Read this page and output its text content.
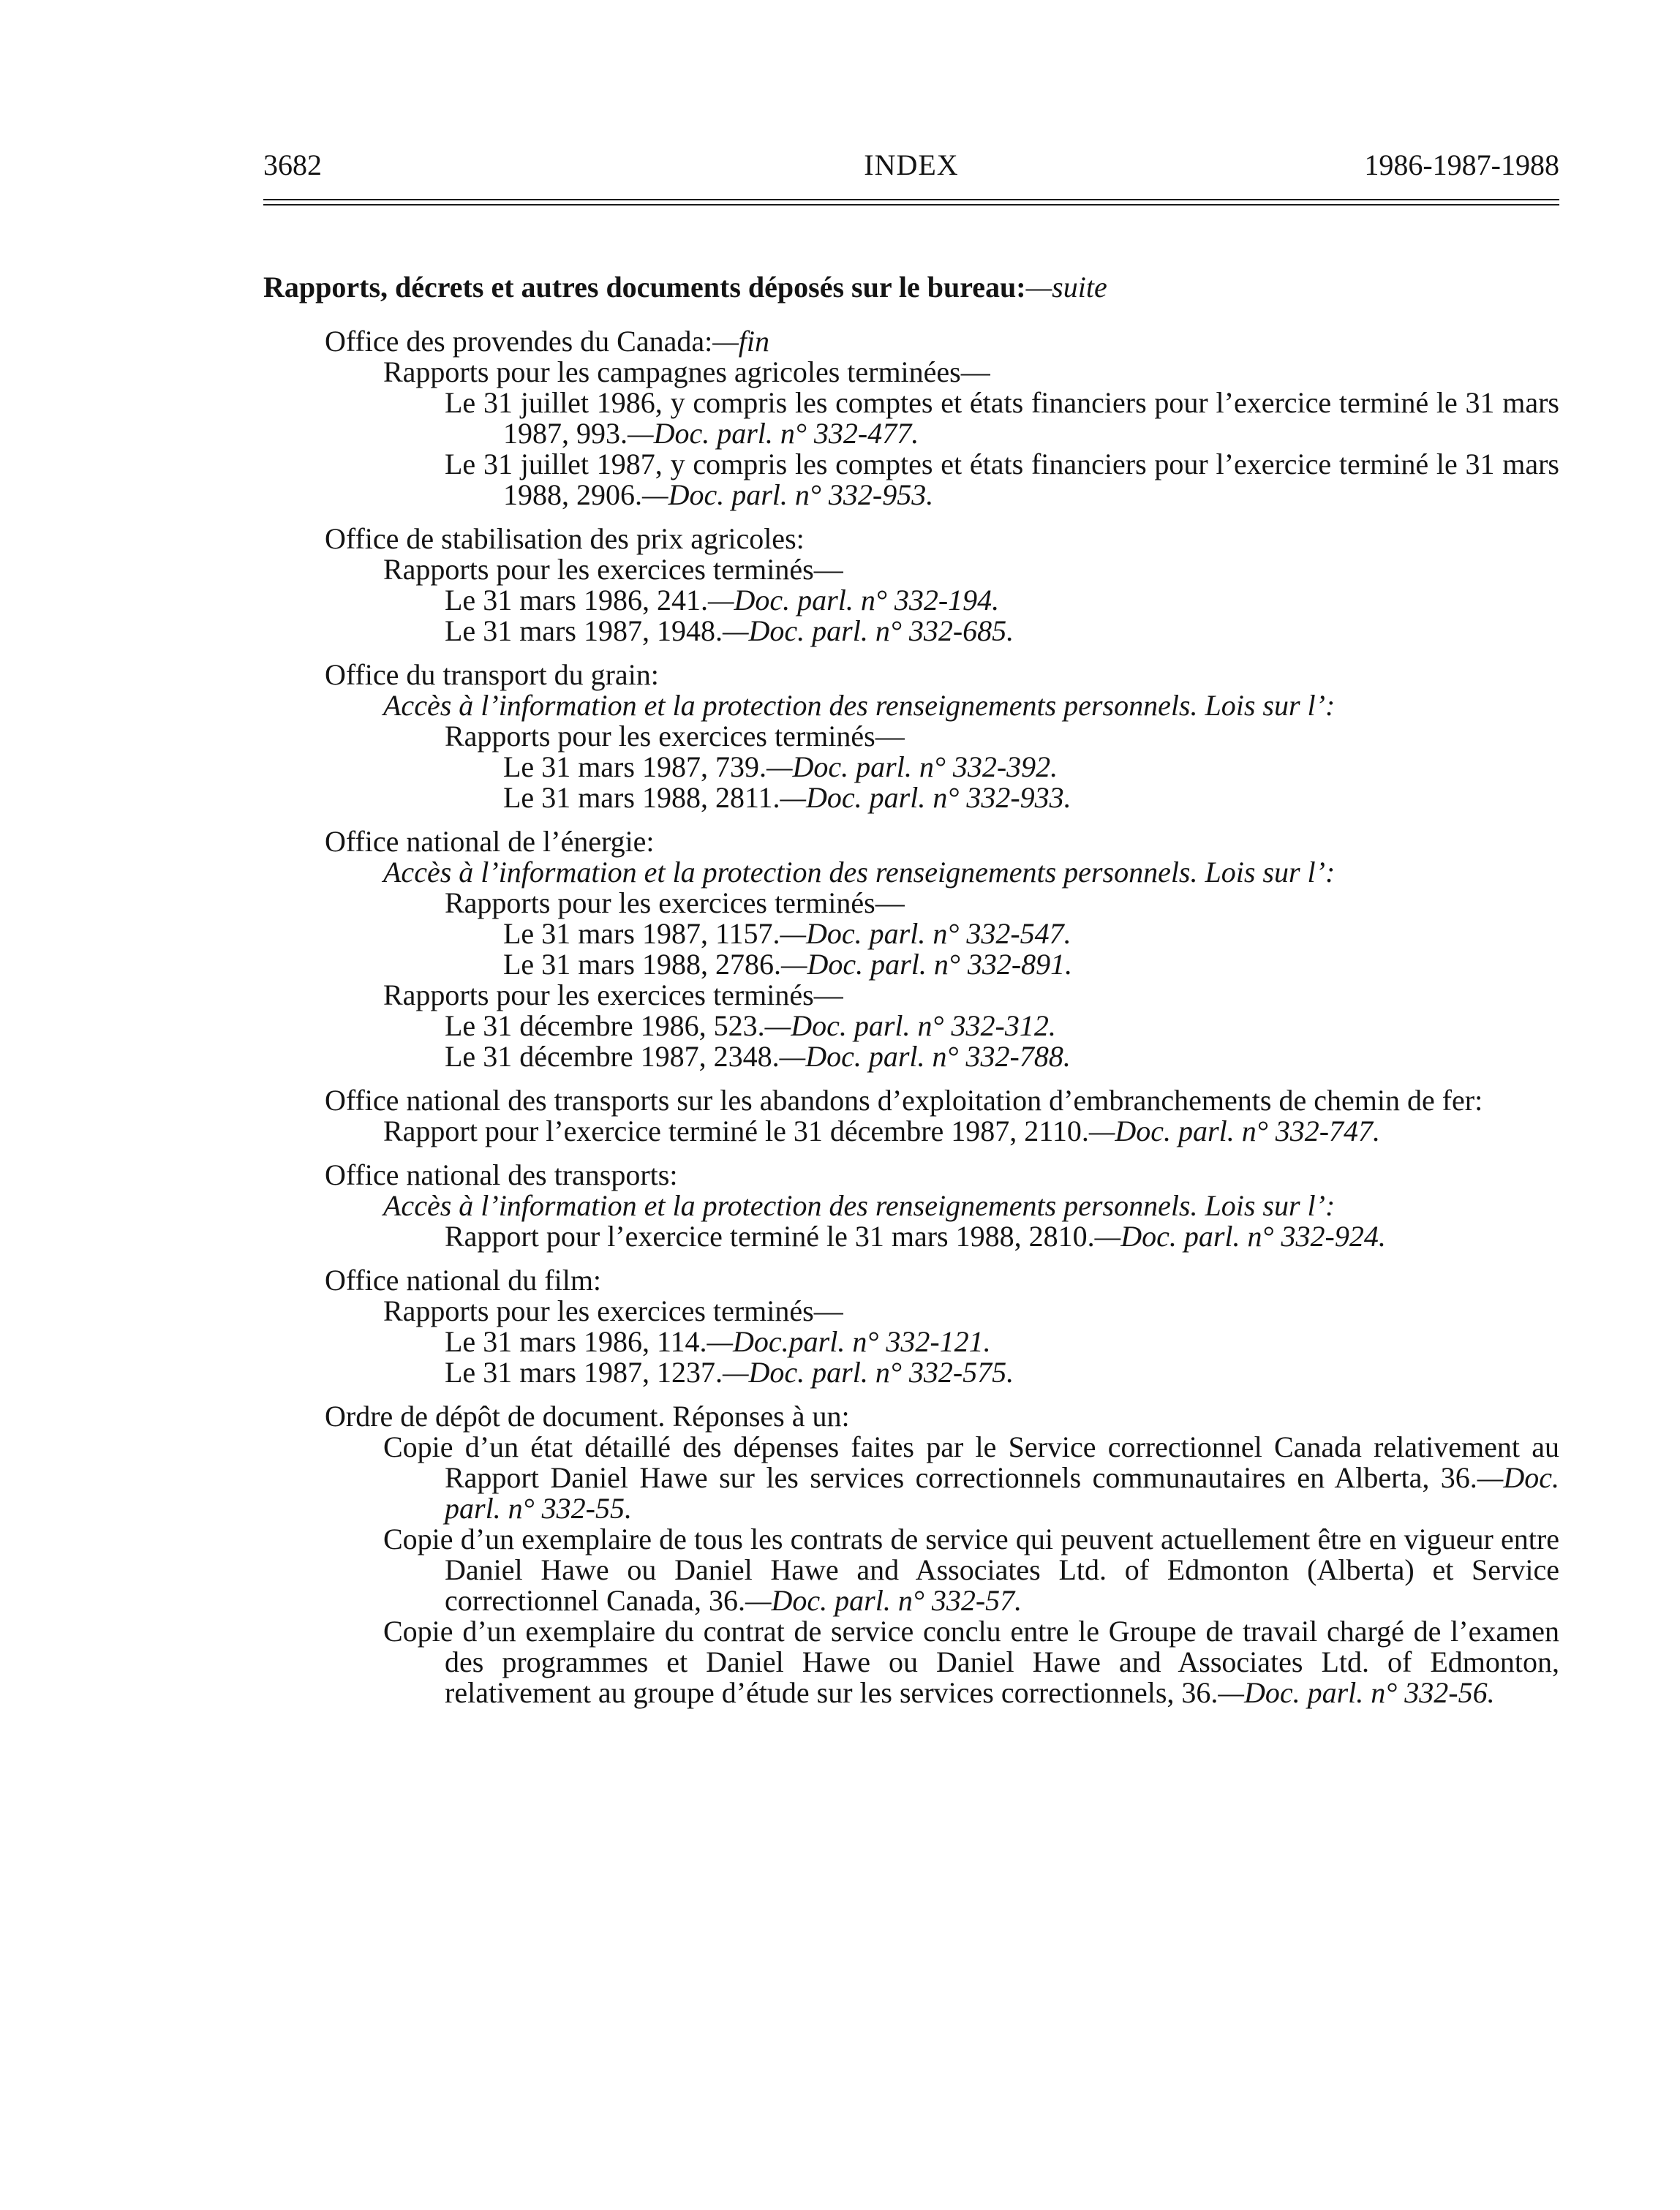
3682	INDEX	1986-1987-1988

Rapports, décrets et autres documents déposés sur le bureau:—suite

Office des provendes du Canada:—fin

Rapports pour les campagnes agricoles terminées—

Le 31 juillet 1986, y compris les comptes et états financiers pour l’exercice terminé le 31 mars 1987, 993.—Doc. parl. n° 332-477.

Le 31 juillet 1987, y compris les comptes et états financiers pour l’exercice terminé le 31 mars 1988, 2906.—Doc. parl. n° 332-953.

Office de stabilisation des prix agricoles:

Rapports pour les exercices terminés—

Le 31 mars 1986, 241.—Doc. parl. n° 332-194.

Le 31 mars 1987, 1948.—Doc. parl. n° 332-685.

Office du transport du grain:

Accès à l’information et la protection des renseignements personnels. Lois sur l’:

Rapports pour les exercices terminés—

Le 31 mars 1987, 739.—Doc. parl. n° 332-392.

Le 31 mars 1988, 2811.—Doc. parl. n° 332-933.

Office national de l’énergie:

Accès à l’information et la protection des renseignements personnels. Lois sur l’:

Rapports pour les exercices terminés—

Le 31 mars 1987, 1157.—Doc. parl. n° 332-547.

Le 31 mars 1988, 2786.—Doc. parl. n° 332-891.

Rapports pour les exercices terminés—

Le 31 décembre 1986, 523.—Doc. parl. n° 332-312.

Le 31 décembre 1987, 2348.—Doc. parl. n° 332-788.

Office national des transports sur les abandons d’exploitation d’embranchements de chemin de fer:

Rapport pour l’exercice terminé le 31 décembre 1987, 2110.—Doc. parl. n° 332-747.

Office national des transports:

Accès à l’information et la protection des renseignements personnels. Lois sur l’:

Rapport pour l’exercice terminé le 31 mars 1988, 2810.—Doc. parl. n° 332-924.

Office national du film:

Rapports pour les exercices terminés—

Le 31 mars 1986, 114.—Doc.parl. n° 332-121.

Le 31 mars 1987, 1237.—Doc. parl. n° 332-575.

Ordre de dépôt de document. Réponses à un:

Copie d’un état détaillé des dépenses faites par le Service correctionnel Canada relativement au Rapport Daniel Hawe sur les services correctionnels communautaires en Alberta, 36.—Doc. parl. n° 332-55.

Copie d’un exemplaire de tous les contrats de service qui peuvent actuellement être en vigueur entre Daniel Hawe ou Daniel Hawe and Associates Ltd. of Edmonton (Alberta) et Service correctionnel Canada, 36.—Doc. parl. n° 332-57.

Copie d’un exemplaire du contrat de service conclu entre le Groupe de travail chargé de l’examen des programmes et Daniel Hawe ou Daniel Hawe and Associates Ltd. of Edmonton, relativement au groupe d’étude sur les services correctionnels, 36.—Doc. parl. n° 332-56.
